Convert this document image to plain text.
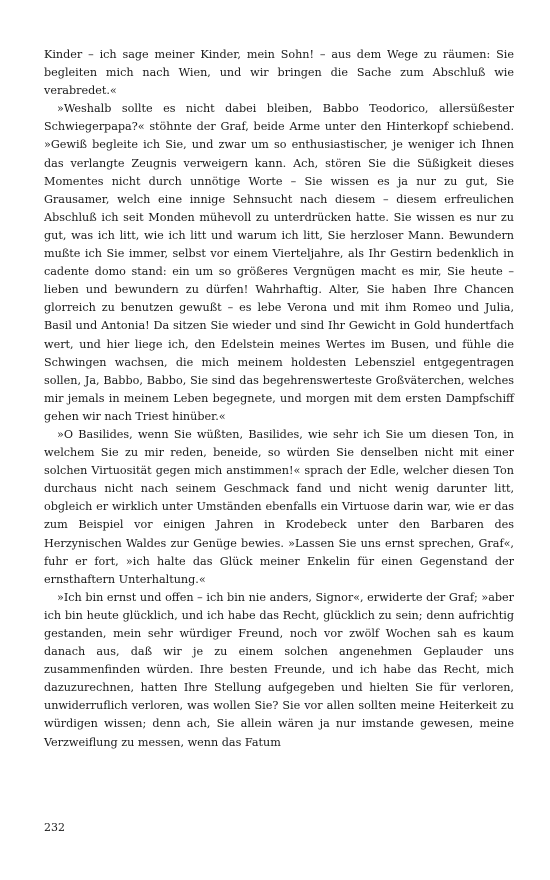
Kinder – ich sage meiner Kinder, mein Sohn! – aus dem Wege zu räumen: Sie begleiten mich nach Wien, und wir bringen die Sache zum Abschluß wie verabredet.«

»Weshalb sollte es nicht dabei bleiben, Babbo Teodorico, allersüßester Schwiegerpapa?« stöhnte der Graf, beide Arme unter den Hinterkopf schiebend. »Gewiß begleite ich Sie, und zwar um so enthusiastischer, je weniger ich Ihnen das verlangte Zeugnis verweigern kann. Ach, stören Sie die Süßigkeit dieses Momentes nicht durch unnötige Worte – Sie wissen es ja nur zu gut, Sie Grausamer, welch eine innige Sehnsucht nach diesem – diesem erfreulichen Abschluß ich seit Monden mühevoll zu unterdrücken hatte. Sie wissen es nur zu gut, was ich litt, wie ich litt und warum ich litt, Sie herzloser Mann. Bewundern mußte ich Sie immer, selbst vor einem Vierteljahre, als Ihr Gestirn bedenklich in cadente domo stand: ein um so größeres Vergnügen macht es mir, Sie heute – lieben und bewundern zu dürfen! Wahrhaftig. Alter, Sie haben Ihre Chancen glorreich zu benutzen gewußt – es lebe Verona und mit ihm Romeo und Julia, Basil und Antonia! Da sitzen Sie wieder und sind Ihr Gewicht in Gold hundertfach wert, und hier liege ich, den Edelstein meines Wertes im Busen, und fühle die Schwingen wachsen, die mich meinem holdesten Lebensziel entgegentragen sollen, Ja, Babbo, Babbo, Sie sind das begehrenswerteste Großväterchen, welches mir jemals in meinem Leben begegnete, und morgen mit dem ersten Dampfschiff gehen wir nach Triest hinüber.«

»O Basilides, wenn Sie wüßten, Basilides, wie sehr ich Sie um diesen Ton, in welchem Sie zu mir reden, beneide, so würden Sie denselben nicht mit einer solchen Virtuosität gegen mich anstimmen!« sprach der Edle, welcher diesen Ton durchaus nicht nach seinem Geschmack fand und nicht wenig darunter litt, obgleich er wirklich unter Umständen ebenfalls ein Virtuose darin war, wie er das zum Beispiel vor einigen Jahren in Krodebeck unter den Barbaren des Herzynischen Waldes zur Genüge bewies. »Lassen Sie uns ernst sprechen, Graf«, fuhr er fort, »ich halte das Glück meiner Enkelin für einen Gegenstand der ernsthaftern Unterhaltung.«

»Ich bin ernst und offen – ich bin nie anders, Signor«, erwiderte der Graf; »aber ich bin heute glücklich, und ich habe das Recht, glücklich zu sein; denn aufrichtig gestanden, mein sehr würdiger Freund, noch vor zwölf Wochen sah es kaum danach aus, daß wir je zu einem solchen angenehmen Geplauder uns zusammenfinden würden. Ihre besten Freunde, und ich habe das Recht, mich dazuzurechnen, hatten Ihre Stellung aufgegeben und hielten Sie für verloren, unwiderruflich verloren, was wollen Sie? Sie vor allen sollten meine Heiterkeit zu würdigen wissen; denn ach, Sie allein wären ja nur imstande gewesen, meine Verzweiflung zu messen, wenn das Fatum

232
